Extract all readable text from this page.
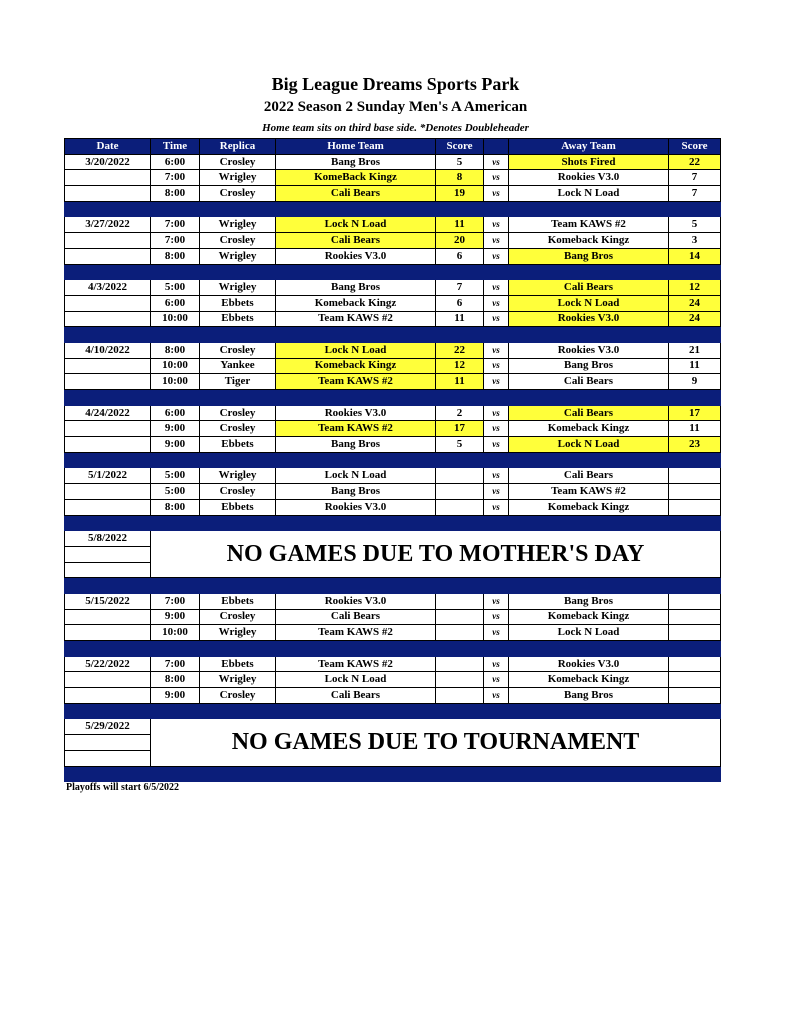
Big League Dreams Sports Park
2022 Season 2 Sunday Men's A American
Home team sits on third base side. *Denotes Doubleheader
Date	Time	Replica	Home Team	Score		Away Team	Score
3/20/2022	6:00	Crosley	Bang Bros	5	vs	Shots Fired	22
	7:00	Wrigley	KomeBack Kingz	8	vs	Rookies V3.0	7
	8:00	Crosley	Cali Bears	19	vs	Lock N Load	7

3/27/2022	7:00	Wrigley	Lock N Load	11	vs	Team KAWS #2	5
	7:00	Crosley	Cali Bears	20	vs	Komeback Kingz	3
	8:00	Wrigley	Rookies V3.0	6	vs	Bang Bros	14

4/3/2022	5:00	Wrigley	Bang Bros	7	vs	Cali Bears	12
	6:00	Ebbets	Komeback Kingz	6	vs	Lock N Load	24
	10:00	Ebbets	Team KAWS #2	11	vs	Rookies V3.0	24

4/10/2022	8:00	Crosley	Lock N Load	22	vs	Rookies V3.0	21
	10:00	Yankee	Komeback Kingz	12	vs	Bang Bros	11
	10:00	Tiger	Team KAWS #2	11	vs	Cali Bears	9

4/24/2022	6:00	Crosley	Rookies V3.0	2	vs	Cali Bears	17
	9:00	Crosley	Team KAWS #2	17	vs	Komeback Kingz	11
	9:00	Ebbets	Bang Bros	5	vs	Lock N Load	23

5/1/2022	5:00	Wrigley	Lock N Load		vs	Cali Bears	
	5:00	Crosley	Bang Bros		vs	Team KAWS #2	
	8:00	Ebbets	Rookies V3.0		vs	Komeback Kingz	

5/8/2022	NO GAMES DUE TO MOTHER'S DAY						

5/15/2022	7:00	Ebbets	Rookies V3.0		vs	Bang Bros	
	9:00	Crosley	Cali Bears		vs	Komeback Kingz	
	10:00	Wrigley	Team KAWS #2		vs	Lock N Load	

5/22/2022	7:00	Ebbets	Team KAWS #2		vs	Rookies V3.0	
	8:00	Wrigley	Lock N Load		vs	Komeback Kingz	
	9:00	Crosley	Cali Bears		vs	Bang Bros	

5/29/2022	NO GAMES DUE TO TOURNAMENT						

Playoffs will start 6/5/2022
